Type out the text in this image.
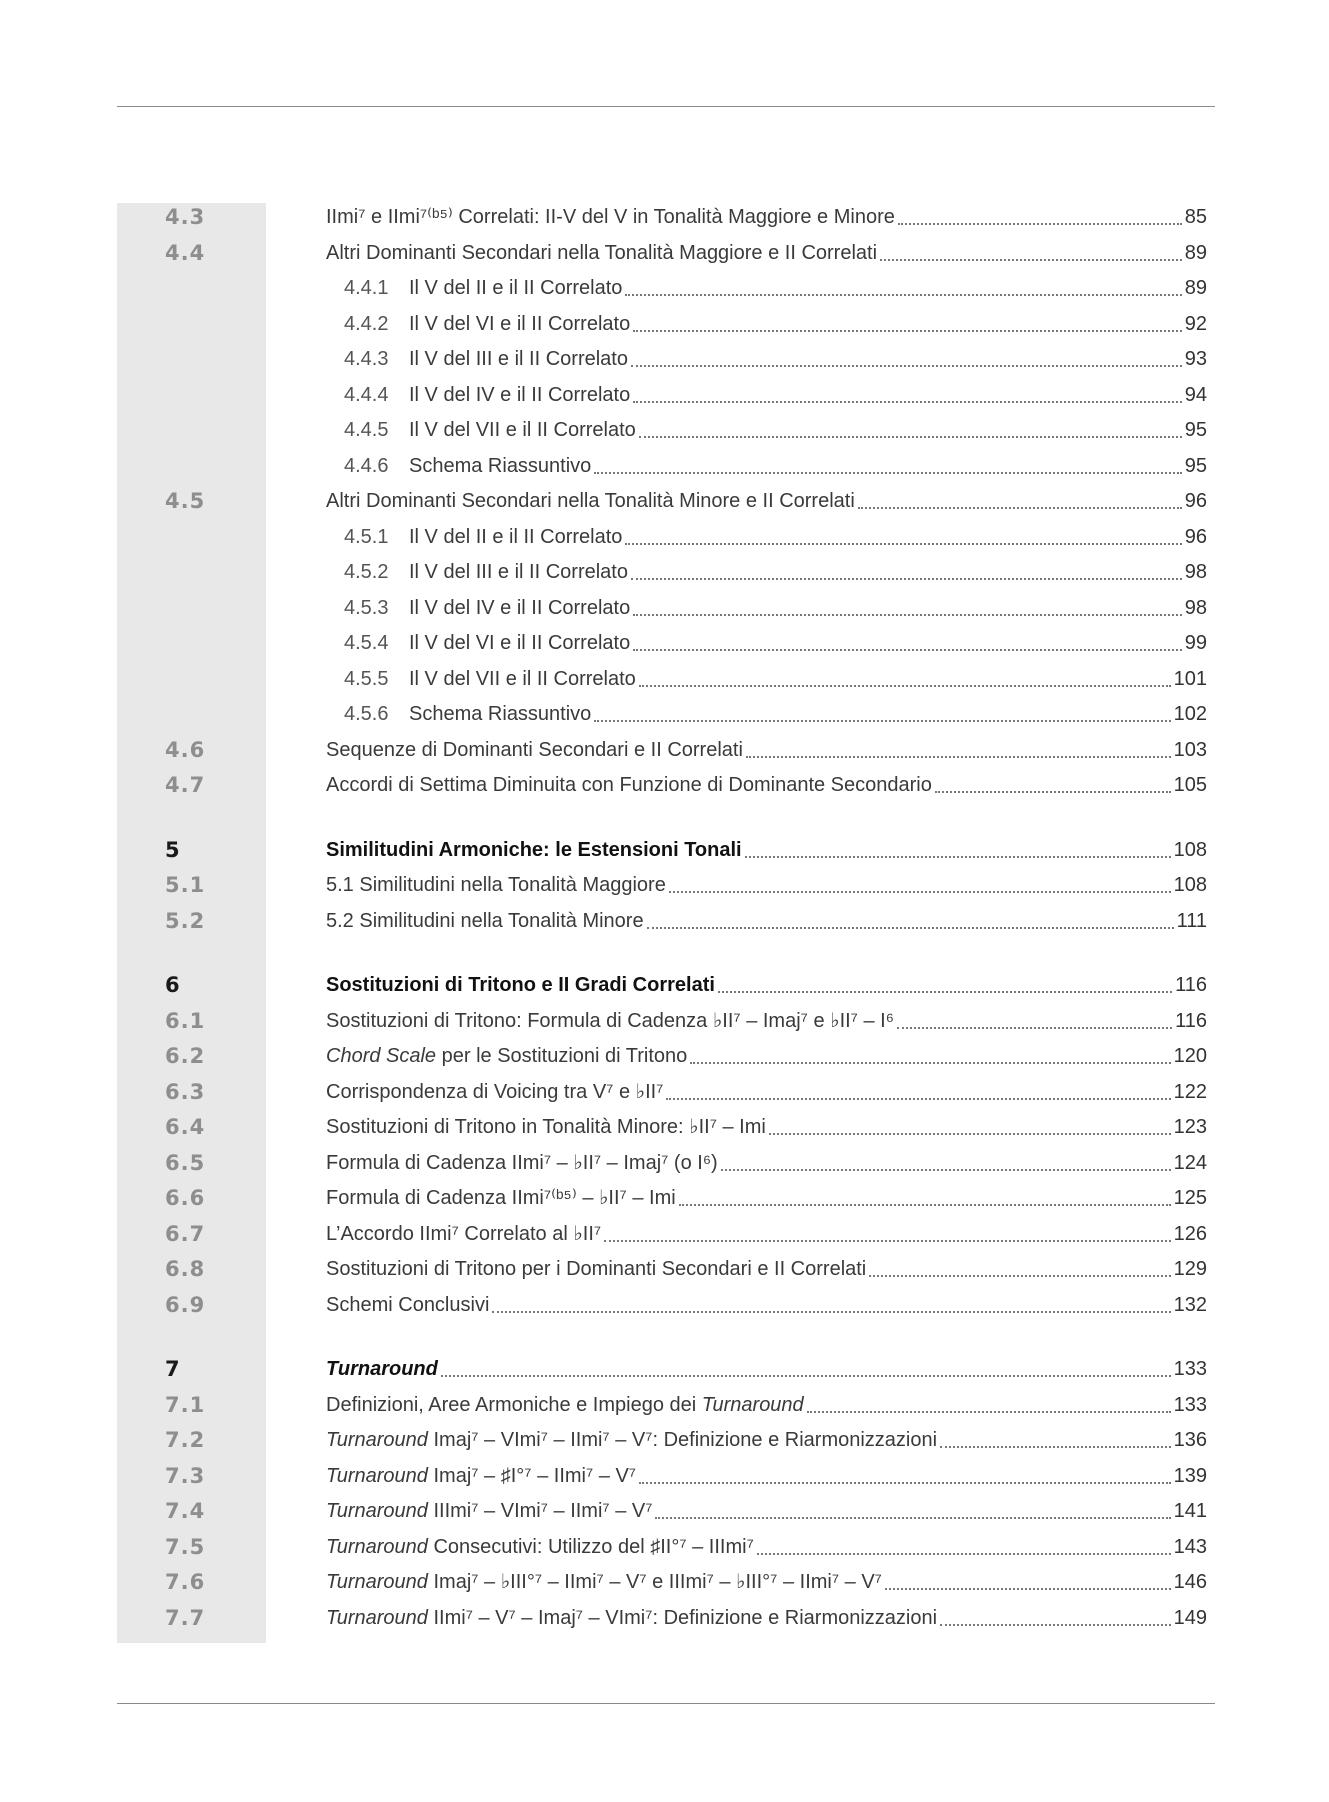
4.3	IImi⁷ e IImi⁷⁽ᵇ⁵⁾ Correlati: II-V del V in Tonalità Maggiore e Minore	85
4.4	Altri Dominanti Secondari nella Tonalità Maggiore e II Correlati	89
4.4.1	Il V del II e il II Correlato	89
4.4.2	Il V del VI e il II Correlato	92
4.4.3	Il V del III e il II Correlato	93
4.4.4	Il V del IV e il II Correlato	94
4.4.5	Il V del VII e il II Correlato	95
4.4.6	Schema Riassuntivo	95
4.5	Altri Dominanti Secondari nella Tonalità Minore e II Correlati	96
4.5.1	Il V del II e il II Correlato	96
4.5.2	Il V del III e il II Correlato	98
4.5.3	Il V del IV e il II Correlato	98
4.5.4	Il V del VI e il II Correlato	99
4.5.5	Il V del VII e il II Correlato	101
4.5.6	Schema Riassuntivo	102
4.6	Sequenze di Dominanti Secondari e II Correlati	103
4.7	Accordi di Settima Diminuita con Funzione di Dominante Secondario	105
5	Similitudini Armoniche: le Estensioni Tonali	108
5.1	5.1 Similitudini nella Tonalità Maggiore	108
5.2	5.2 Similitudini nella Tonalità Minore	111
6	Sostituzioni di Tritono e II Gradi Correlati	116
6.1	Sostituzioni di Tritono: Formula di Cadenza ♭II⁷ – Imaj⁷ e ♭II⁷ – I⁶	116
6.2	Chord Scale per le Sostituzioni di Tritono	120
6.3	Corrispondenza di Voicing tra V⁷ e ♭II⁷	122
6.4	Sostituzioni di Tritono in Tonalità Minore: ♭II⁷ – Imi	123
6.5	Formula di Cadenza IImi⁷ – ♭II⁷ – Imaj⁷ (o I⁶)	124
6.6	Formula di Cadenza IImi⁷⁽ᵇ⁵⁾ – ♭II⁷ – Imi	125
6.7	L’Accordo IImi⁷ Correlato al ♭II⁷	126
6.8	Sostituzioni di Tritono per i Dominanti Secondari e II Correlati	129
6.9	Schemi Conclusivi	132
7	Turnaround	133
7.1	Definizioni, Aree Armoniche e Impiego dei Turnaround	133
7.2	Turnaround Imaj⁷ – VImi⁷ – IImi⁷ – V⁷: Definizione e Riarmonizzazioni	136
7.3	Turnaround Imaj⁷ – ♯I°⁷ – IImi⁷ – V⁷	139
7.4	Turnaround IIImi⁷ – VImi⁷ – IImi⁷ – V⁷	141
7.5	Turnaround Consecutivi: Utilizzo del ♯II°⁷ – IIImi⁷	143
7.6	Turnaround Imaj⁷ – ♭III°⁷ – IImi⁷ – V⁷ e IIImi⁷ – ♭III°⁷ – IImi⁷ – V⁷	146
7.7	Turnaround IImi⁷ – V⁷ – Imaj⁷ – VImi⁷: Definizione e Riarmonizzazioni	149
